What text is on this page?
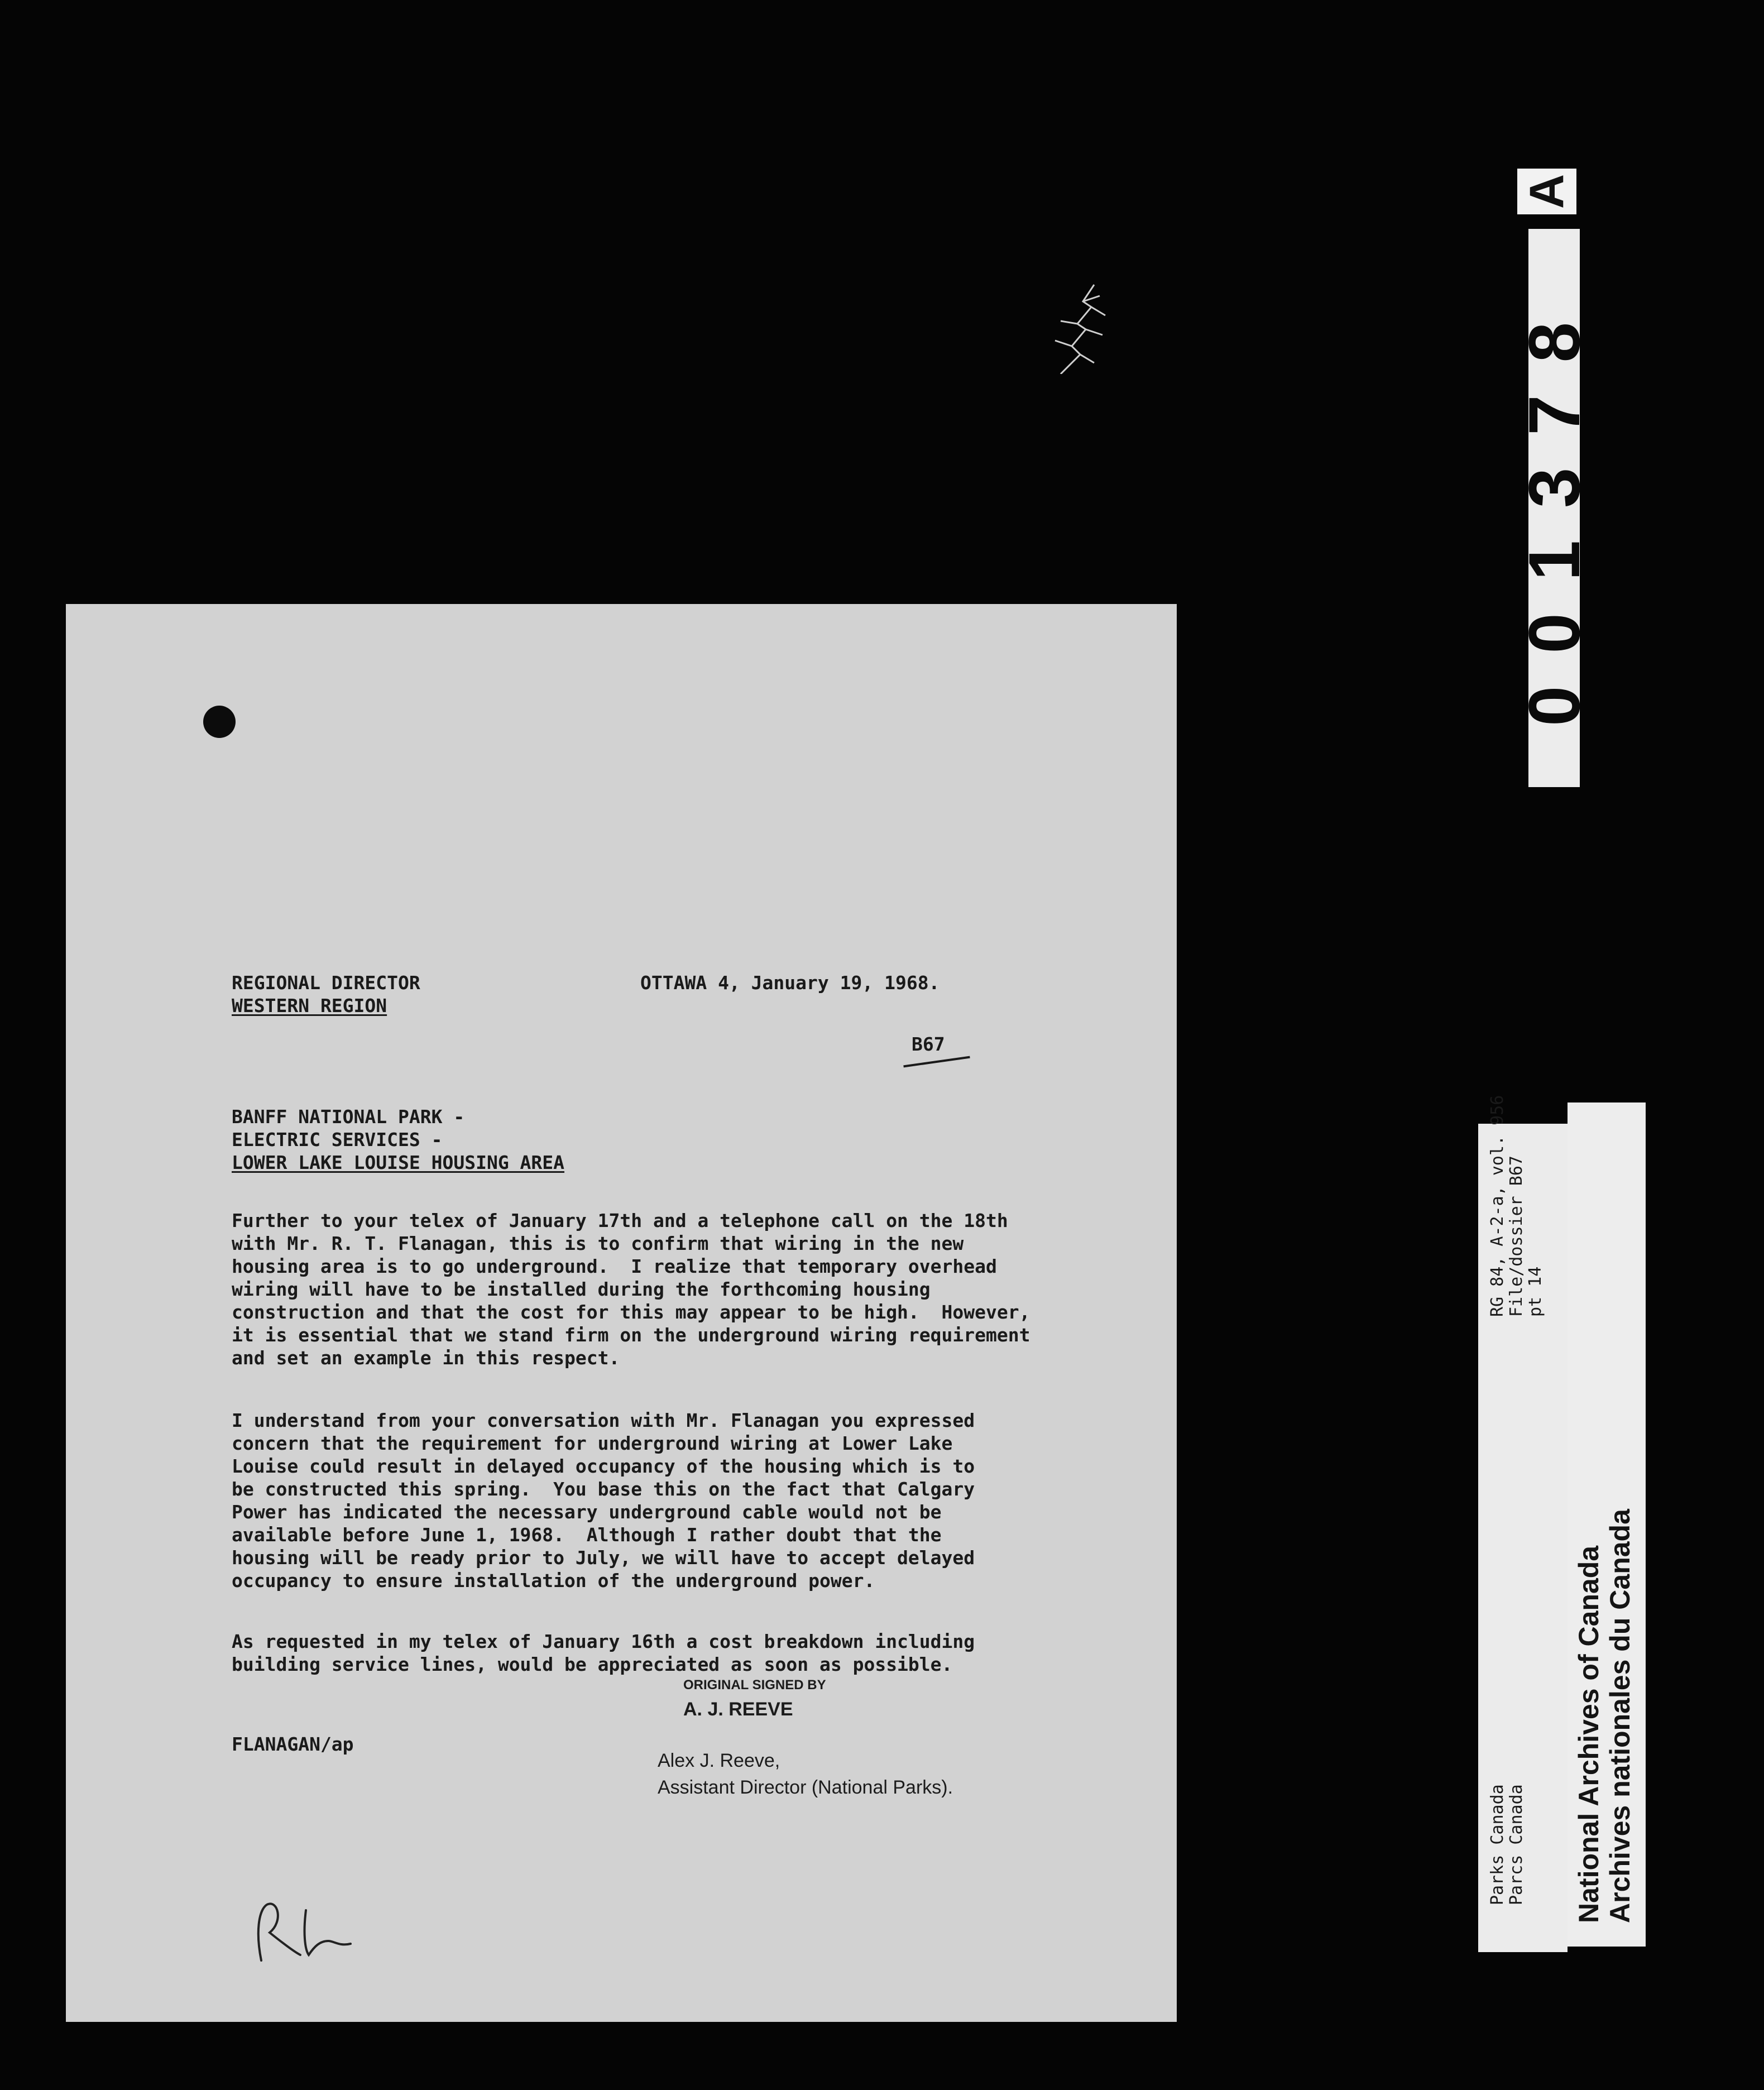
A
001378

REGIONAL DIRECTOR

WESTERN REGION

OTTAWA 4, January 19, 1968.

B67

BANFF NATIONAL PARK -

ELECTRIC SERVICES -

LOWER LAKE LOUISE HOUSING AREA

Further to your telex of January 17th and a telephone call on the 18th
with Mr. R. T. Flanagan, this is to confirm that wiring in the new
housing area is to go underground.  I realize that temporary overhead
wiring will have to be installed during the forthcoming housing
construction and that the cost for this may appear to be high.  However,
it is essential that we stand firm on the underground wiring requirement
and set an example in this respect.

I understand from your conversation with Mr. Flanagan you expressed
concern that the requirement for underground wiring at Lower Lake
Louise could result in delayed occupancy of the housing which is to
be constructed this spring.  You base this on the fact that Calgary
Power has indicated the necessary underground cable would not be
available before June 1, 1968.  Although I rather doubt that the
housing will be ready prior to July, we will have to accept delayed
occupancy to ensure installation of the underground power.

As requested in my telex of January 16th a cost breakdown including
building service lines, would be appreciated as soon as possible.

ORIGINAL SIGNED BY

A. J. REEVE

FLANAGAN/ap

Alex J. Reeve,

Assistant Director (National Parks).

RG 84, A-2-a, vol. 956 File/dossier B67 pt 14
Parks Canada Parcs Canada National Archives of Canada Archives nationales du Canada
